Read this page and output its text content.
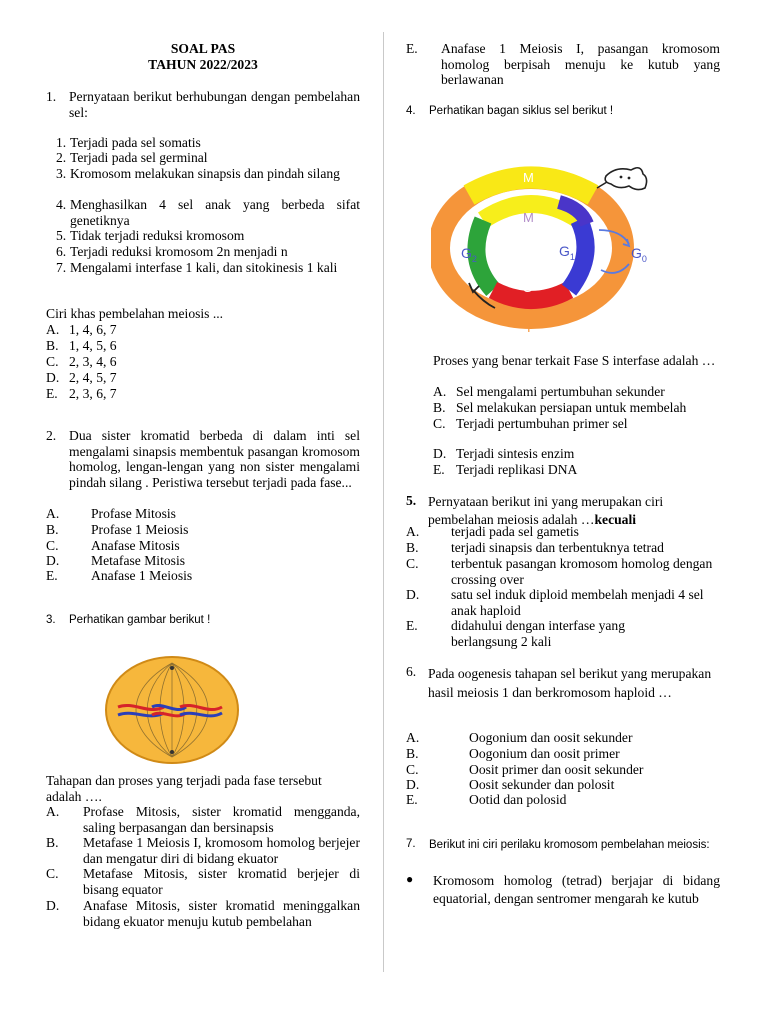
SOAL PAS
TAHUN 2022/2023
1. Pernyataan berikut berhubungan dengan pembelahan sel:
1. Terjadi pada sel somatis
2. Terjadi pada sel germinal
3. Kromosom melakukan sinapsis dan pindah silang
4. Menghasilkan 4 sel anak yang berbeda sifat genetiknya
5. Tidak terjadi reduksi kromosom
6. Terjadi reduksi kromosom 2n menjadi n
7. Mengalami interfase 1 kali, dan sitokinesis 1 kali
Ciri khas pembelahan meiosis ...
A. 1, 4, 6, 7
B. 1, 4, 5, 6
C. 2, 3, 4, 6
D. 2, 4, 5, 7
E. 2, 3, 6, 7
2. Dua sister kromatid berbeda di dalam inti sel mengalami sinapsis membentuk pasangan kromosom homolog, lengan-lengan yang non sister mengalami pindah silang . Peristiwa tersebut terjadi pada fase...
A. Profase Mitosis
B. Profase 1 Meiosis
C. Anafase Mitosis
D. Metafase Mitosis
E. Anafase 1 Meiosis
3. Perhatikan gambar berikut !
Tahapan dan proses yang terjadi pada fase tersebut adalah ….
A. Profase Mitosis, sister kromatid mengganda, saling berpasangan dan bersinapsis
B. Metafase 1 Meiosis I, kromosom homolog berjejer dan mengatur diri di bidang ekuator
C. Metafase Mitosis, sister kromatid berjejer di bisang equator
D. Anafase Mitosis, sister kromatid meninggalkan bidang ekuator menuju kutub pembelahan
E. Anafase 1 Meiosis I, pasangan kromosom homolog berpisah menuju ke kutub yang berlawanan
4. Perhatikan bagan siklus sel berikut !
M
M
$G_2$	$G_1$	$G_0$
S
I
Proses yang benar terkait Fase S interfase adalah …
A. Sel mengalami pertumbuhan sekunder
B. Sel melakukan persiapan untuk membelah
C. Terjadi pertumbuhan primer sel
D. Terjadi sintesis enzim
E. Terjadi replikasi DNA
5. Pernyataan berikut ini yang merupakan ciri pembelahan meiosis adalah …kecuali
A. terjadi pada sel gametis
B. terjadi sinapsis dan terbentuknya tetrad
C. terbentuk pasangan kromosom homolog dengan crossing over
D. satu sel induk diploid membelah menjadi 4 sel anak haploid
E. didahului dengan interfase yang berlangsung 2 kali
6. Pada oogenesis tahapan sel berikut yang merupakan hasil meiosis 1 dan berkromosom haploid …
A.	Oogonium dan oosit sekunder
B.	Oogonium dan oosit primer
C.	Oosit primer dan oosit sekunder
D.	Oosit sekunder dan polosit
E.	Ootid dan polosid
7. Berikut ini ciri perilaku kromosom pembelahan meiosis:
● Kromosom homolog (tetrad) berjajar di bidang equatorial, dengan sentromer mengarah ke kutub
